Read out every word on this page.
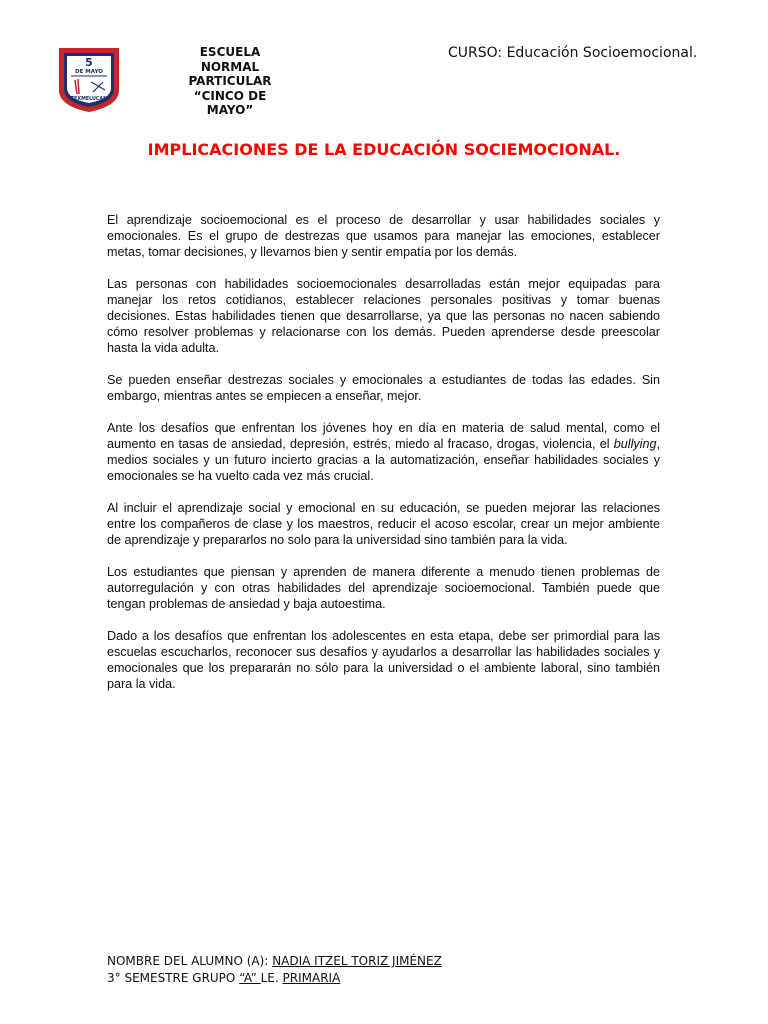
5
DE MAYO
TEXMELUCAN
ESCUELA
NORMAL
PARTICULAR
“CINCO DE
MAYO”
CURSO: Educación Socioemocional.
IMPLICACIONES DE LA EDUCACIÓN SOCIEMOCIONAL.

El aprendizaje socioemocional es el proceso de desarrollar y usar habilidades sociales y emocionales. Es el grupo de destrezas que usamos para manejar las emociones, establecer metas, tomar decisiones, y llevarnos bien y sentir empatía por los demás.

Las personas con habilidades socioemocionales desarrolladas están mejor equipadas para manejar los retos cotidianos, establecer relaciones personales positivas y tomar buenas decisiones. Estas habilidades tienen que desarrollarse, ya que las personas no nacen sabiendo cómo resolver problemas y relacionarse con los demás. Pueden aprenderse desde preescolar hasta la vida adulta.

Se pueden enseñar destrezas sociales y emocionales a estudiantes de todas las edades. Sin embargo, mientras antes se empiecen a enseñar, mejor.

Ante los desafíos que enfrentan los jóvenes hoy en día en materia de salud mental, como el aumento en tasas de ansiedad, depresión, estrés, miedo al fracaso, drogas, violencia, el bullying, medios sociales y un futuro incierto gracias a la automatización, enseñar habilidades sociales y emocionales se ha vuelto cada vez más crucial.

Al incluir el aprendizaje social y emocional en su educación, se pueden mejorar las relaciones entre los compañeros de clase y los maestros, reducir el acoso escolar, crear un mejor ambiente de aprendizaje y prepararlos no solo para la universidad sino también para la vida.

Los estudiantes que piensan y aprenden de manera diferente a menudo tienen problemas de autorregulación y con otras habilidades del aprendizaje socioemocional. También puede que tengan problemas de ansiedad y baja autoestima.

Dado a los desafíos que enfrentan los adolescentes en esta etapa, debe ser primordial para las escuelas escucharlos, reconocer sus desafíos y ayudarlos a desarrollar las habilidades sociales y emocionales que los prepararán no sólo para la universidad o el ambiente laboral, sino también para la vida.

NOMBRE DEL ALUMNO (A): NADIA ITZEL TORIZ JIMÉNEZ
3° SEMESTRE GRUPO “A” LE. PRIMARIA
